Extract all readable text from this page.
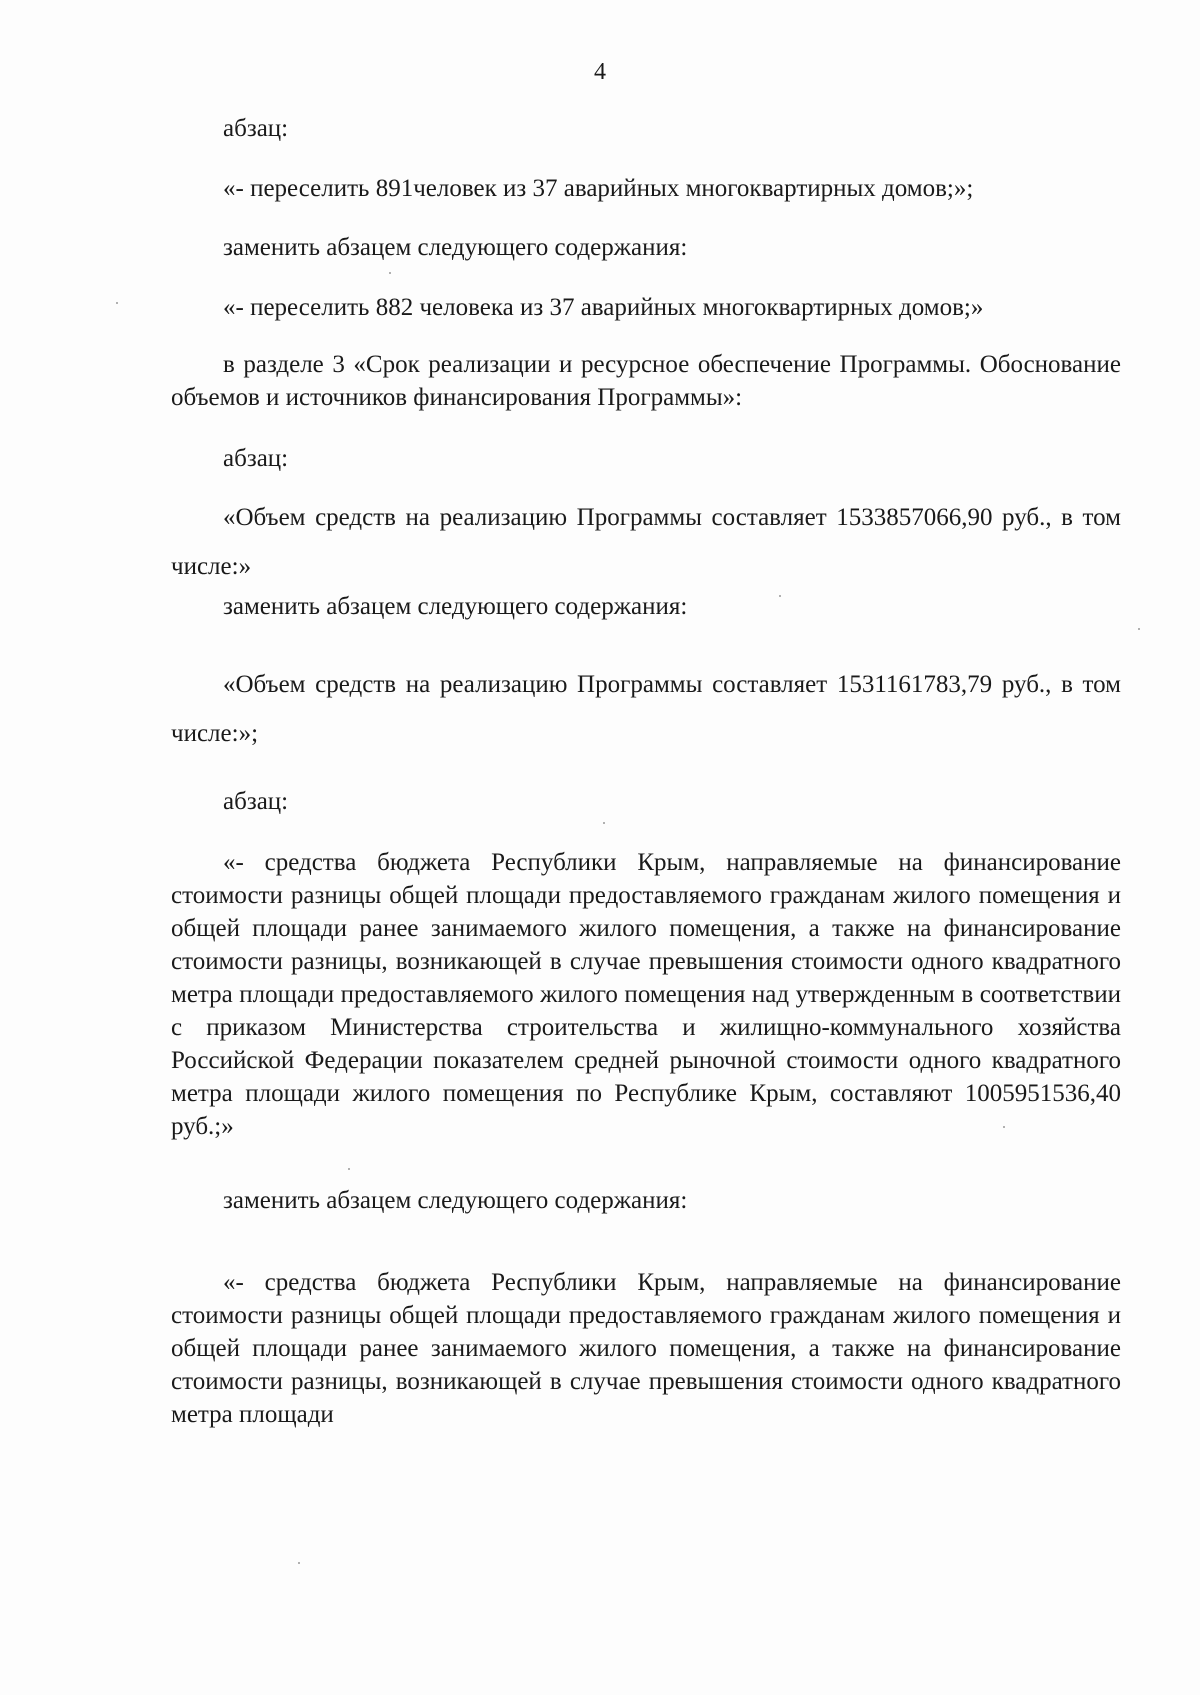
4

абзац:

«- переселить 891человек из 37 аварийных многоквартирных домов;»;

заменить абзацем следующего содержания:

«- переселить 882 человека из 37 аварийных многоквартирных домов;»

в разделе 3 «Срок реализации и ресурсное обеспечение Программы. Обоснование объемов и источников финансирования Программы»:

абзац:

«Объем средств на реализацию Программы составляет 1533857066,90 руб., в том числе:»

заменить абзацем следующего содержания:

«Объем средств на реализацию Программы составляет 1531161783,79 руб., в том числе:»;

абзац:

«- средства бюджета Республики Крым, направляемые на финансирование стоимости разницы общей площади предоставляемого гражданам жилого помещения и общей площади ранее занимаемого жилого помещения, а также на финансирование стоимости разницы, возникающей в случае превышения стоимости одного квадратного метра площади предоставляемого жилого помещения над утвержденным в соответствии с приказом Министерства строительства и жилищно-коммунального хозяйства Российской Федерации показателем средней рыночной стоимости одного квадратного метра площади жилого помещения по Республике Крым, составляют 1005951536,40 руб.;»

заменить абзацем следующего содержания:

«- средства бюджета Республики Крым, направляемые на финансирование стоимости разницы общей площади предоставляемого гражданам жилого помещения и общей площади ранее занимаемого жилого помещения, а также на финансирование стоимости разницы, возникающей в случае превышения стоимости одного квадратного метра площади
